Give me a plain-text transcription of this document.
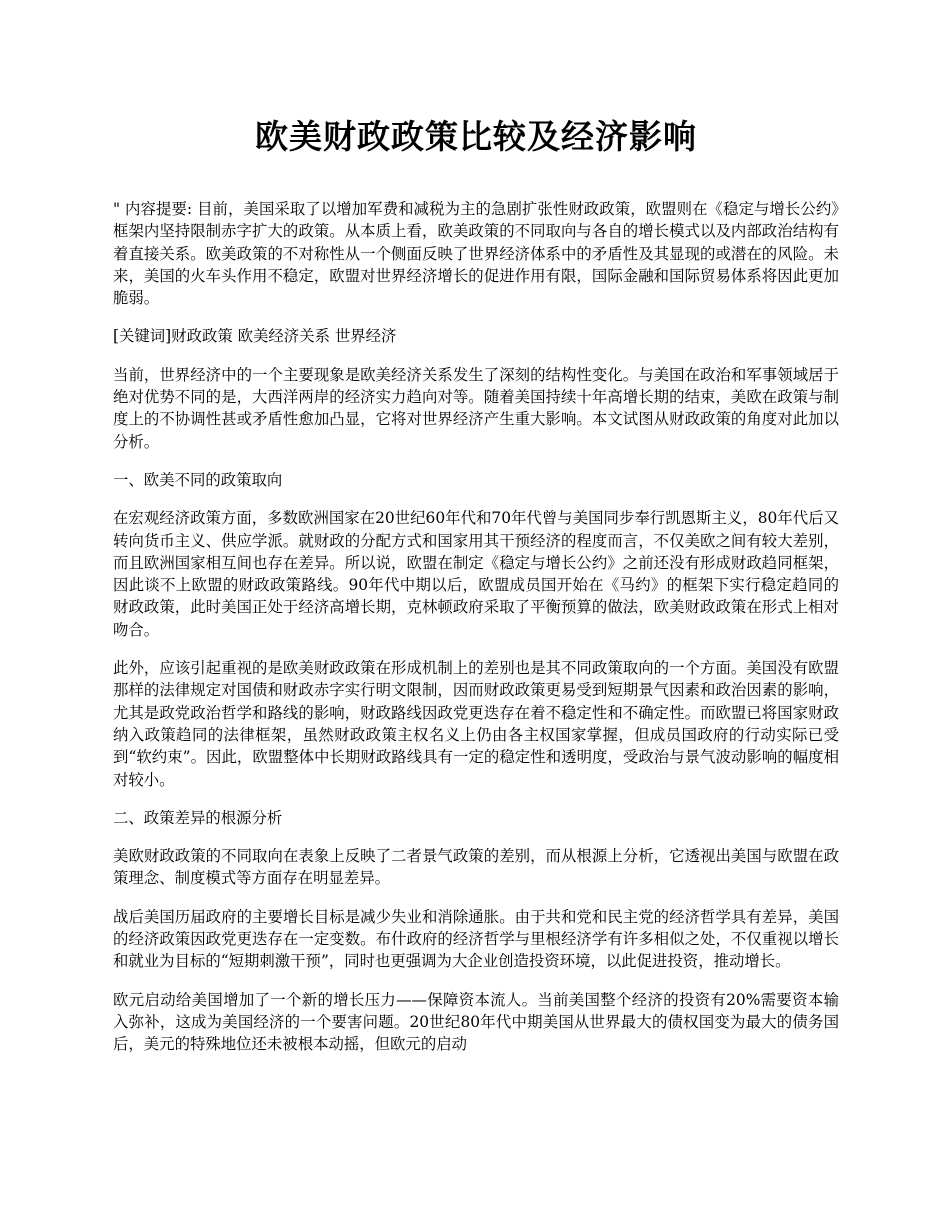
欧美财政政策比较及经济影响

" 内容提要: 目前，美国采取了以增加军费和减税为主的急剧扩张性财政政策，欧盟则在《稳定与增长公约》框架内坚持限制赤字扩大的政策。从本质上看，欧美政策的不同取向与各自的增长模式以及内部政治结构有着直接关系。欧美政策的不对称性从一个侧面反映了世界经济体系中的矛盾性及其显现的或潜在的风险。未来，美国的火车头作用不稳定，欧盟对世界经济增长的促进作用有限，国际金融和国际贸易体系将因此更加脆弱。

[关键词]财政政策 欧美经济关系 世界经济

当前，世界经济中的一个主要现象是欧美经济关系发生了深刻的结构性变化。与美国在政治和军事领域居于绝对优势不同的是，大西洋两岸的经济实力趋向对等。随着美国持续十年高增长期的结束，美欧在政策与制度上的不协调性甚或矛盾性愈加凸显，它将对世界经济产生重大影响。本文试图从财政政策的角度对此加以分析。

一、欧美不同的政策取向

在宏观经济政策方面，多数欧洲国家在20世纪60年代和70年代曾与美国同步奉行凯恩斯主义，80年代后又转向货币主义、供应学派。就财政的分配方式和国家用其干预经济的程度而言，不仅美欧之间有较大差别，而且欧洲国家相互间也存在差异。所以说，欧盟在制定《稳定与增长公约》之前还没有形成财政趋同框架，因此谈不上欧盟的财政政策路线。90年代中期以后，欧盟成员国开始在《马约》的框架下实行稳定趋同的财政政策，此时美国正处于经济高增长期，克林顿政府采取了平衡预算的做法，欧美财政政策在形式上相对吻合。

此外，应该引起重视的是欧美财政政策在形成机制上的差别也是其不同政策取向的一个方面。美国没有欧盟那样的法律规定对国债和财政赤字实行明文限制，因而财政政策更易受到短期景气因素和政治因素的影响，尤其是政党政治哲学和路线的影响，财政路线因政党更迭存在着不稳定性和不确定性。而欧盟已将国家财政纳入政策趋同的法律框架，虽然财政政策主权名义上仍由各主权国家掌握，但成员国政府的行动实际已受到“软约束”。因此，欧盟整体中长期财政路线具有一定的稳定性和透明度，受政治与景气波动影响的幅度相对较小。

二、政策差异的根源分析

美欧财政政策的不同取向在表象上反映了二者景气政策的差别，而从根源上分析，它透视出美国与欧盟在政策理念、制度模式等方面存在明显差异。

战后美国历届政府的主要增长目标是减少失业和消除通胀。由于共和党和民主党的经济哲学具有差异，美国的经济政策因政党更迭存在一定变数。布什政府的经济哲学与里根经济学有许多相似之处，不仅重视以增长和就业为目标的“短期刺激干预”，同时也更强调为大企业创造投资环境，以此促进投资，推动增长。

欧元启动给美国增加了一个新的增长压力——保障资本流人。当前美国整个经济的投资有20%需要资本输入弥补，这成为美国经济的一个要害问题。20世纪80年代中期美国从世界最大的债权国变为最大的债务国后，美元的特殊地位还未被根本动摇，但欧元的启动
